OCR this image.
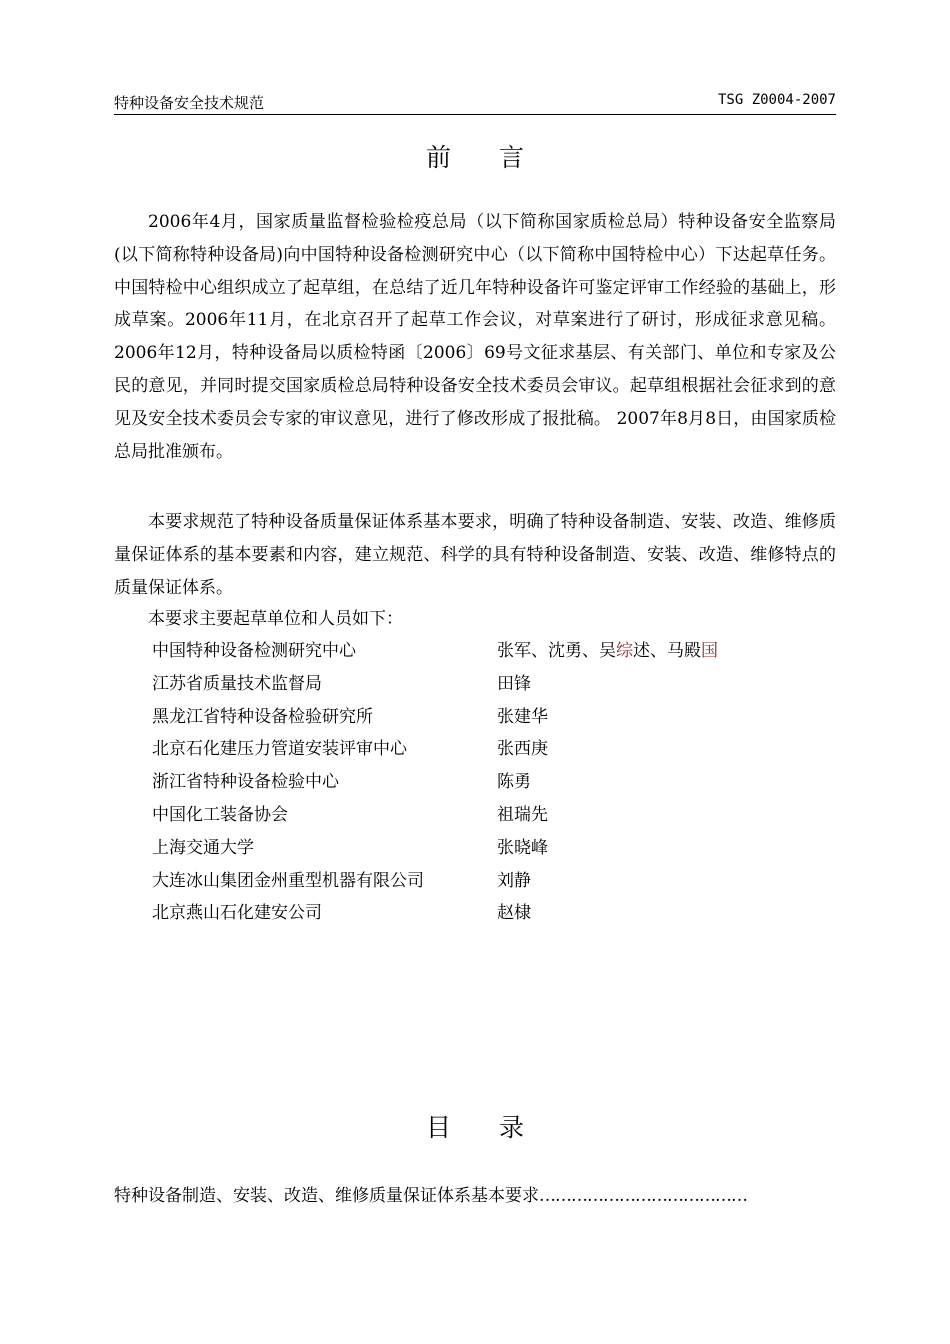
特种设备安全技术规范	TSG Z0004-2007
前言

2006年4月，国家质量监督检验检疫总局（以下简称国家质检总局）特种设备安全监察局(以下简称特种设备局)向中国特种设备检测研究中心（以下简称中国特检中心）下达起草任务。中国特检中心组织成立了起草组，在总结了近几年特种设备许可鉴定评审工作经验的基础上，形成草案。2006年11月，在北京召开了起草工作会议，对草案进行了研讨，形成征求意见稿。2006年12月，特种设备局以质检特函〔2006〕69号文征求基层、有关部门、单位和专家及公民的意见，并同时提交国家质检总局特种设备安全技术委员会审议。起草组根据社会征求到的意见及安全技术委员会专家的审议意见，进行了修改形成了报批稿。 2007年8月8日，由国家质检总局批准颁布。

本要求规范了特种设备质量保证体系基本要求，明确了特种设备制造、安装、改造、维修质量保证体系的基本要素和内容，建立规范、科学的具有特种设备制造、安装、改造、维修特点的质量保证体系。

本要求主要起草单位和人员如下：

中国特种设备检测研究中心	张军、沈勇、吴综述、马殿国
江苏省质量技术监督局	田锋
黑龙江省特种设备检验研究所	张建华
北京石化建压力管道安装评审中心	张西庚
浙江省特种设备检验中心	陈勇
中国化工装备协会	祖瑞先
上海交通大学	张晓峰
大连冰山集团金州重型机器有限公司	刘静
北京燕山石化建安公司	赵棣
目录
特种设备制造、安装、改造、维修质量保证体系基本要求…………………………………
